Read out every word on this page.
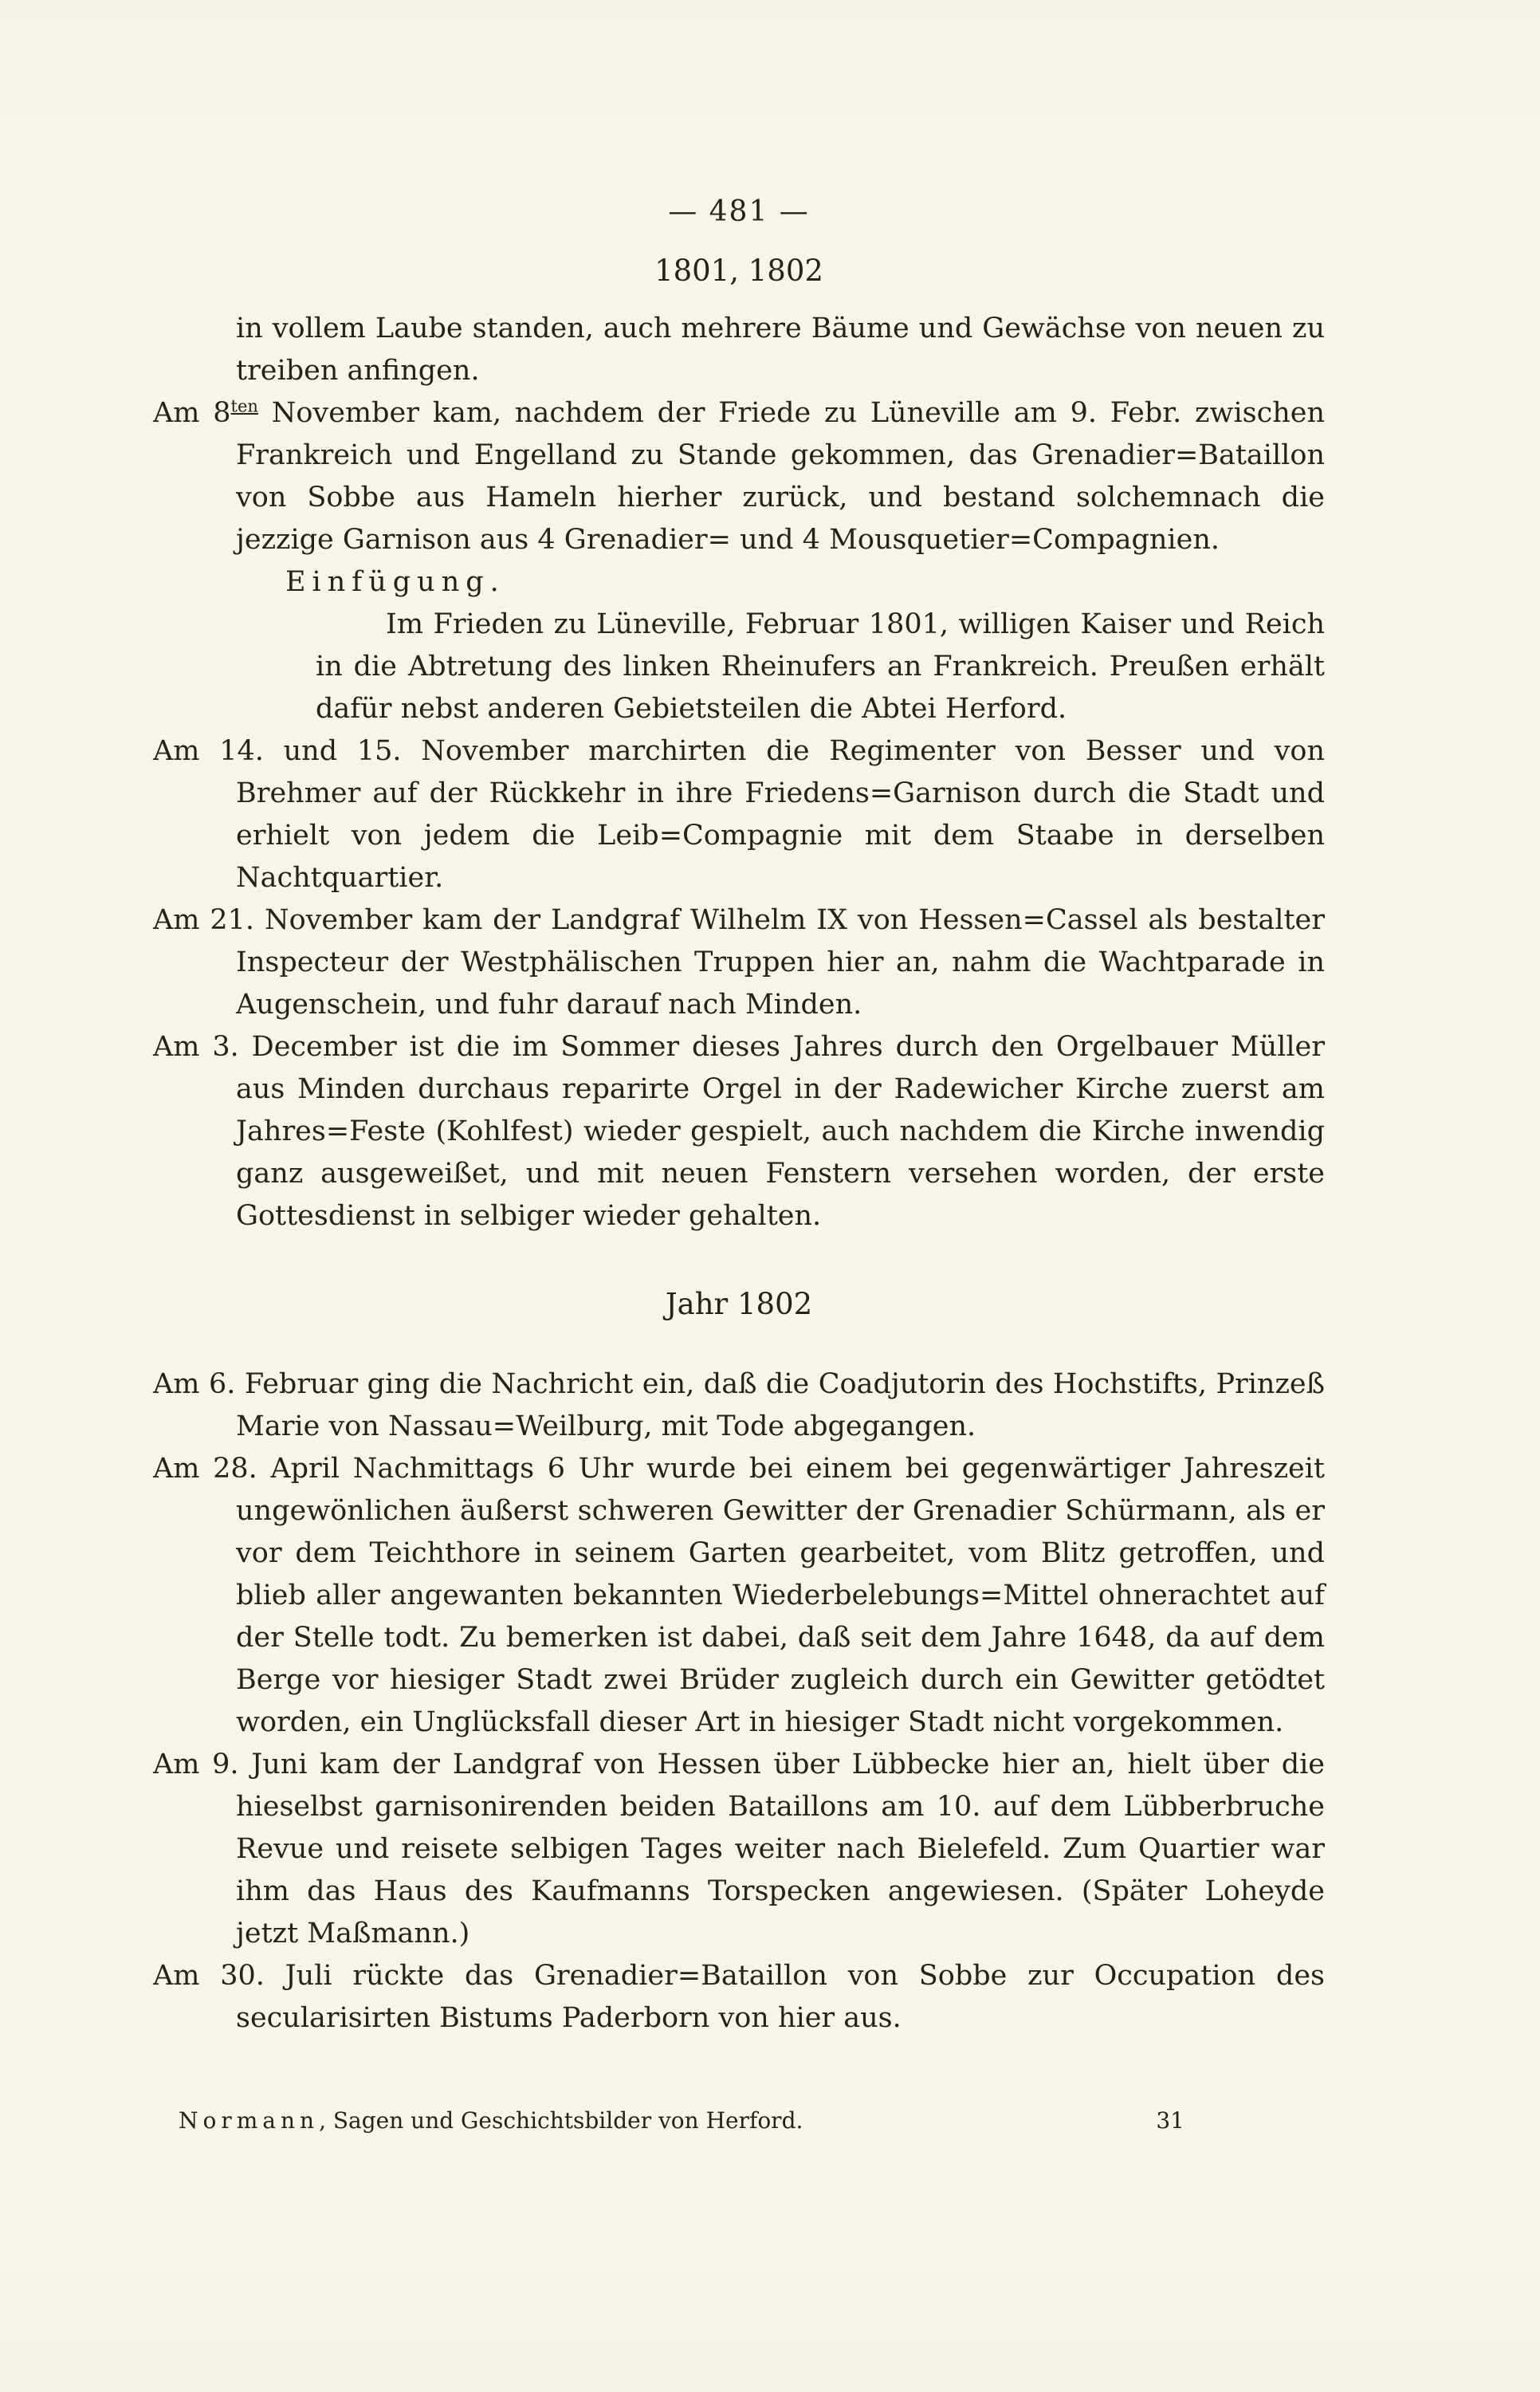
— 481 —
1801, 1802

in vollem Laube standen, auch mehrere Bäume und Gewächse von neuen zu treiben anfingen.

Am $8^{ten}$ November kam, nachdem der Friede zu Lüneville am 9. Febr. zwischen Frankreich und Engelland zu Stande gekommen, das Grenadier=Bataillon von Sobbe aus Hameln hierher zurück, und bestand solchemnach die jezzige Garnison aus 4 Grenadier= und 4 Mousquetier=Compagnien.

Einfügung.

Im Frieden zu Lüneville, Februar 1801, willigen Kaiser und Reich in die Abtretung des linken Rheinufers an Frankreich. Preußen erhält dafür nebst anderen Gebietsteilen die Abtei Herford.

Am 14. und 15. November marchirten die Regimenter von Besser und von Brehmer auf der Rückkehr in ihre Friedens=Garnison durch die Stadt und erhielt von jedem die Leib=Compagnie mit dem Staabe in derselben Nachtquartier.

Am 21. November kam der Landgraf Wilhelm IX von Hessen=Cassel als bestalter Inspecteur der Westphälischen Truppen hier an, nahm die Wachtparade in Augenschein, und fuhr darauf nach Minden.

Am 3. December ist die im Sommer dieses Jahres durch den Orgelbauer Müller aus Minden durchaus reparirte Orgel in der Radewicher Kirche zuerst am Jahres=Feste (Kohlfest) wieder gespielt, auch nachdem die Kirche inwendig ganz ausgeweißet, und mit neuen Fenstern versehen worden, der erste Gottesdienst in selbiger wieder gehalten.

Jahr 1802

Am 6. Februar ging die Nachricht ein, daß die Coadjutorin des Hochstifts, Prinzeß Marie von Nassau=Weilburg, mit Tode abgegangen.

Am 28. April Nachmittags 6 Uhr wurde bei einem bei gegenwärtiger Jahreszeit ungewönlichen äußerst schweren Gewitter der Grenadier Schürmann, als er vor dem Teichthore in seinem Garten gearbeitet, vom Blitz getroffen, und blieb aller angewanten bekannten Wiederbelebungs=Mittel ohnerachtet auf der Stelle todt. Zu bemerken ist dabei, daß seit dem Jahre 1648, da auf dem Berge vor hiesiger Stadt zwei Brüder zugleich durch ein Gewitter getödtet worden, ein Unglücksfall dieser Art in hiesiger Stadt nicht vorgekommen.

Am 9. Juni kam der Landgraf von Hessen über Lübbecke hier an, hielt über die hieselbst garnisonirenden beiden Bataillons am 10. auf dem Lübberbruche Revue und reisete selbigen Tages weiter nach Bielefeld. Zum Quartier war ihm das Haus des Kaufmanns Torspecken angewiesen. (Später Loheyde jetzt Maßmann.)

Am 30. Juli rückte das Grenadier=Bataillon von Sobbe zur Occupation des secularisirten Bistums Paderborn von hier aus.

Normann, Sagen und Geschichtsbilder von Herford.	31
